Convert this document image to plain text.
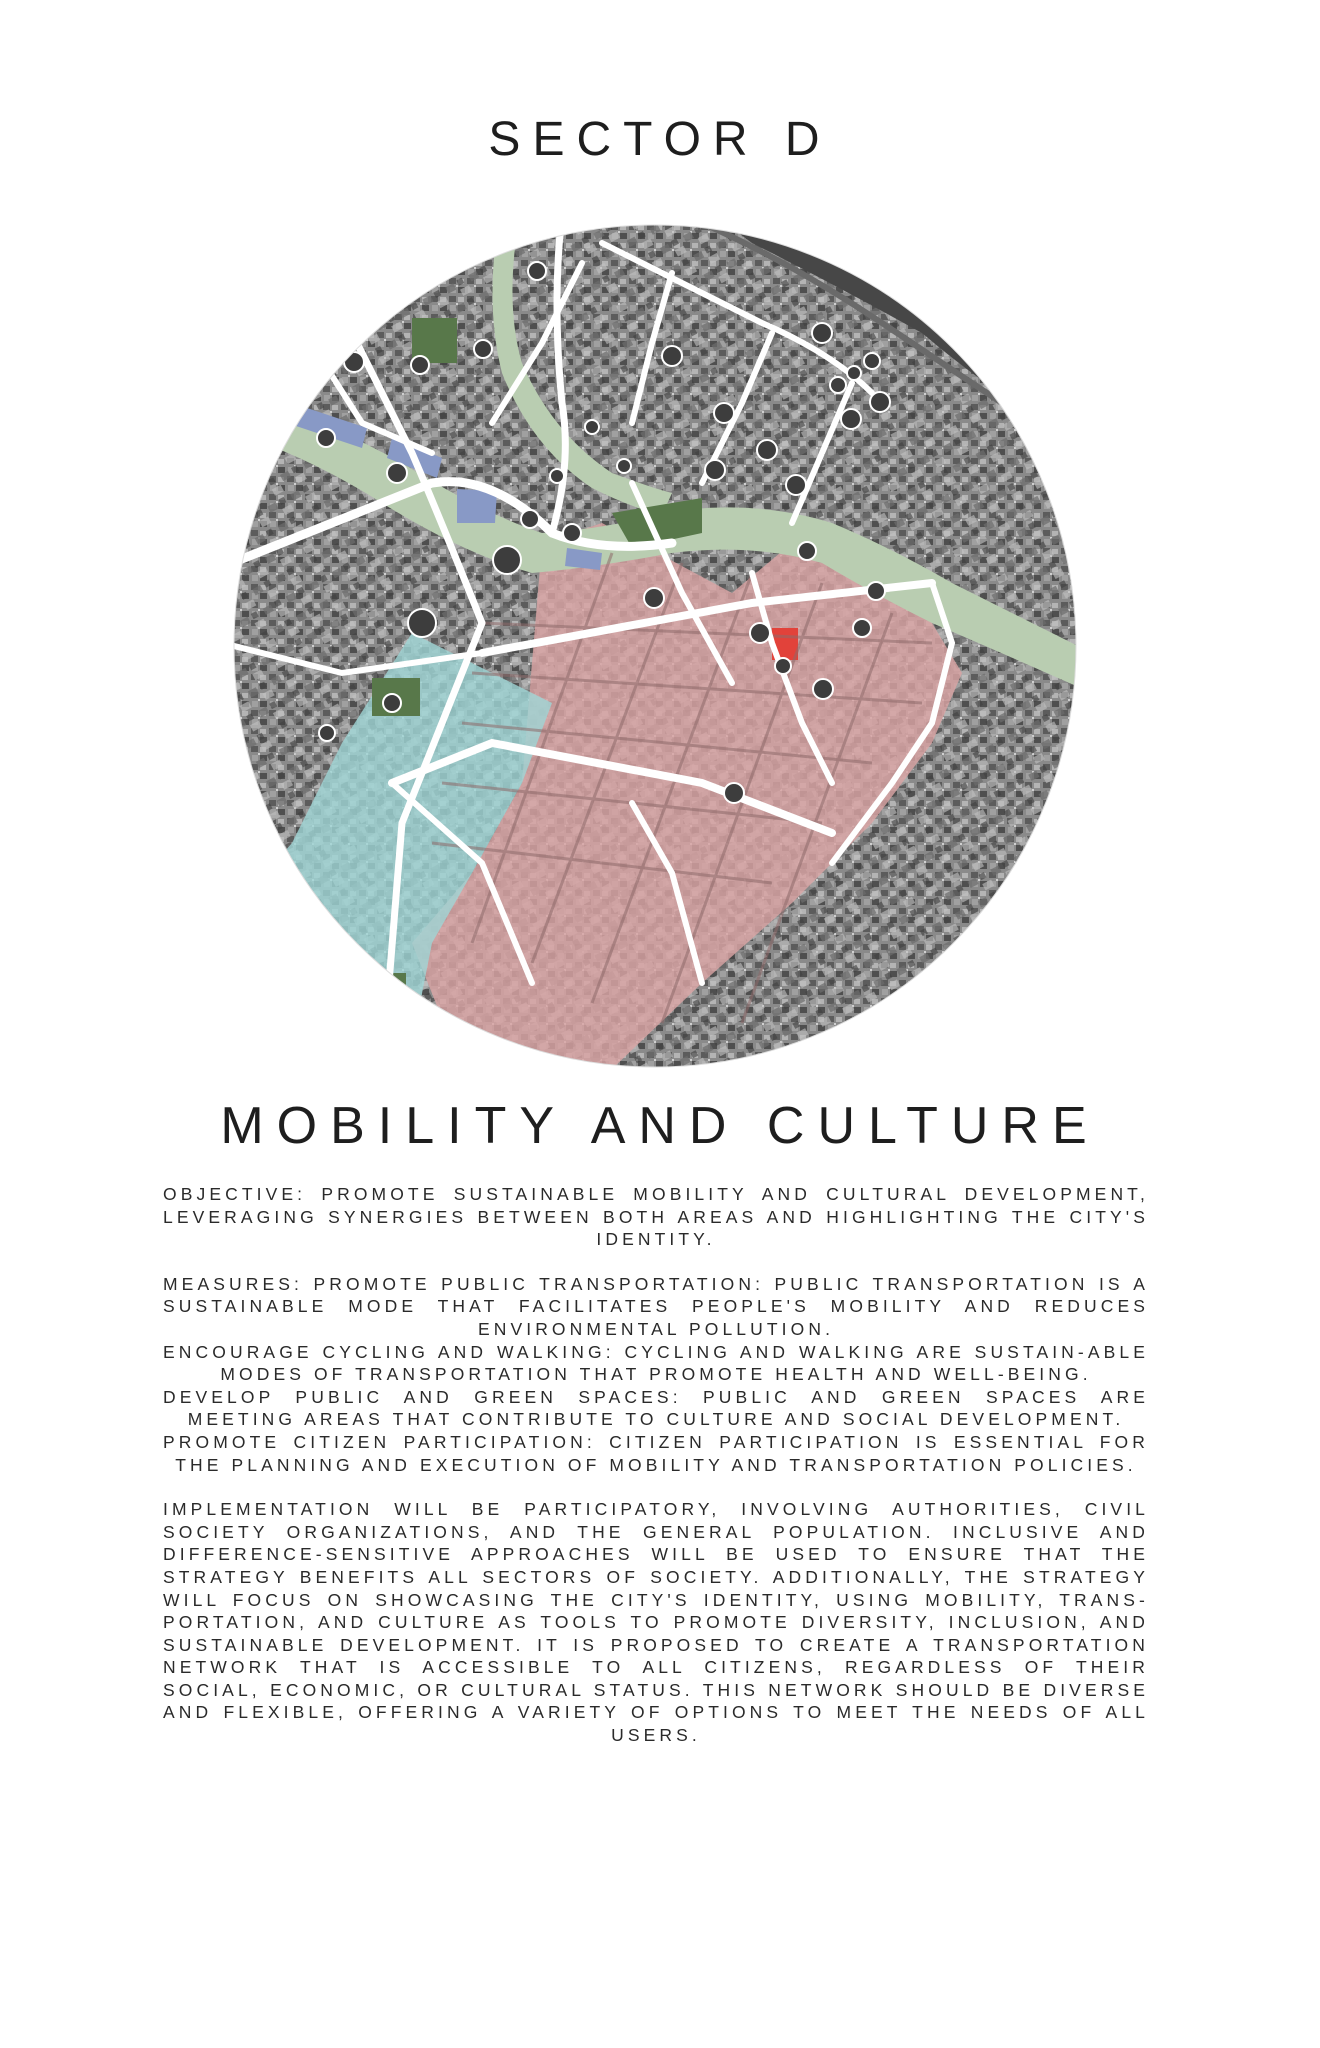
SECTOR D
MOBILITY AND CULTURE

OBJECTIVE: PROMOTE SUSTAINABLE MOBILITY AND CULTURAL DEVELOPMENT, LEVERAGING SYNERGIES BETWEEN BOTH AREAS AND HIGHLIGHTING THE CITY'S IDENTITY.

MEASURES: PROMOTE PUBLIC TRANSPORTATION: PUBLIC TRANSPORTATION IS A SUSTAINABLE MODE THAT FACILITATES PEOPLE'S MOBILITY AND REDUCES ENVIRONMENTAL POLLUTION.

ENCOURAGE CYCLING AND WALKING: CYCLING AND WALKING ARE SUSTAIN-ABLE MODES OF TRANSPORTATION THAT PROMOTE HEALTH AND WELL-BEING.

DEVELOP PUBLIC AND GREEN SPACES: PUBLIC AND GREEN SPACES ARE MEETING AREAS THAT CONTRIBUTE TO CULTURE AND SOCIAL DEVELOPMENT.

PROMOTE CITIZEN PARTICIPATION: CITIZEN PARTICIPATION IS ESSENTIAL FOR THE PLANNING AND EXECUTION OF MOBILITY AND TRANSPORTATION POLICIES.

IMPLEMENTATION WILL BE PARTICIPATORY, INVOLVING AUTHORITIES, CIVIL SOCIETY ORGANIZATIONS, AND THE GENERAL POPULATION. INCLUSIVE AND DIFFERENCE-SENSITIVE APPROACHES WILL BE USED TO ENSURE THAT THE STRATEGY BENEFITS ALL SECTORS OF SOCIETY. ADDITIONALLY, THE STRATEGY WILL FOCUS ON SHOWCASING THE CITY'S IDENTITY, USING MOBILITY, TRANS-PORTATION, AND CULTURE AS TOOLS TO PROMOTE DIVERSITY, INCLUSION, AND SUSTAINABLE DEVELOPMENT. IT IS PROPOSED TO CREATE A TRANSPORTATION NETWORK THAT IS ACCESSIBLE TO ALL CITIZENS, REGARDLESS OF THEIR SOCIAL, ECONOMIC, OR CULTURAL STATUS. THIS NETWORK SHOULD BE DIVERSE AND FLEXIBLE, OFFERING A VARIETY OF OPTIONS TO MEET THE NEEDS OF ALL USERS.
